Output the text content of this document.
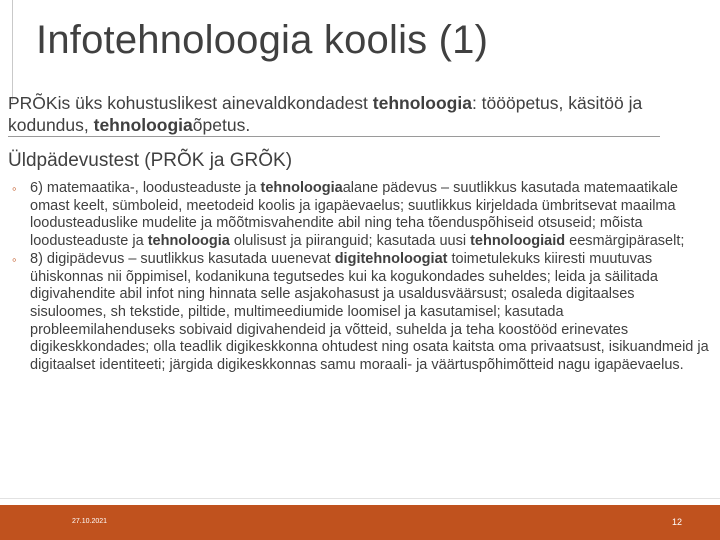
Infotehnoloogia koolis (1)
PRÕKis üks kohustuslikest ainevaldkondadest tehnoloogia: töööpetus, käsitöö ja kodundus, tehnoloogiaõpetus.
Üldpädevustest (PRÕK ja GRÕK)
◦ 6) matemaatika-, loodusteaduste ja tehnoloogiaalane pädevus – suutlikkus kasutada matemaatikale omast keelt, sümboleid, meetodeid koolis ja igapäevaelus; suutlikkus kirjeldada ümbritsevat maailma loodusteaduslike mudelite ja mõõtmisvahendite abil ning teha tõenduspõhiseid otsuseid; mõista loodusteaduste ja tehnoloogia olulisust ja piiranguid; kasutada uusi tehnoloogiaid eesmärgipäraselt;
◦ 8) digipädevus – suutlikkus kasutada uuenevat digitehnoloogiat toimetulekuks kiiresti muutuvas ühiskonnas nii õppimisel, kodanikuna tegutsedes kui ka kogukondades suheldes; leida ja säilitada digivahendite abil infot ning hinnata selle asjakohasust ja usaldusväärsust; osaleda digitaalses sisuloomes, sh tekstide, piltide, multimeediumide loomisel ja kasutamisel; kasutada probleemilahenduseks sobivaid digivahendeid ja võtteid, suhelda ja teha koostööd erinevates digikeskkondades; olla teadlik digikeskkonna ohtudest ning osata kaitsta oma privaatsust, isikuandmeid ja digitaalset identiteeti; järgida digikeskkonnas samu moraali- ja väärtuspõhimõtteid nagu igapäevaelus.
27.10.2021	12
